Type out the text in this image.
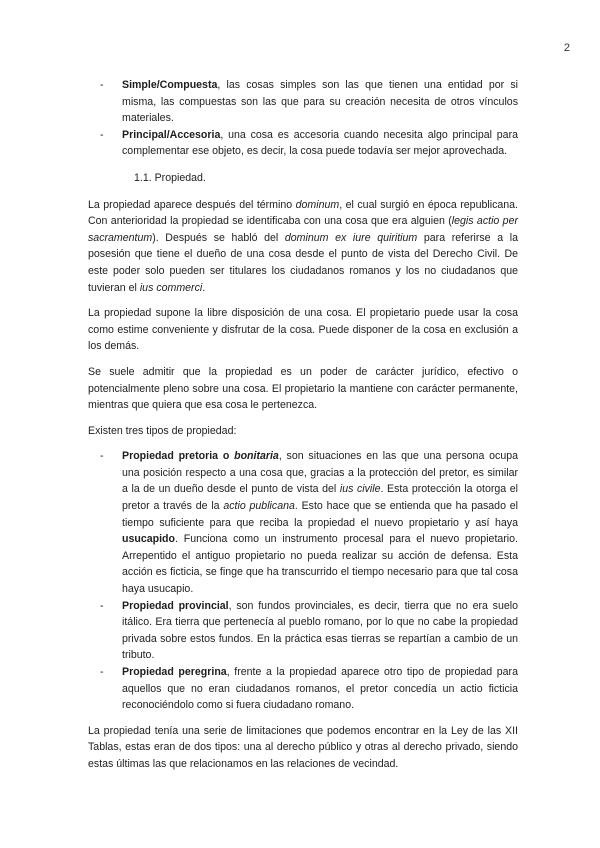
2
- Simple/Compuesta, las cosas simples son las que tienen una entidad por si misma, las compuestas son las que para su creación necesita de otros vínculos materiales.
- Principal/Accesoria, una cosa es accesoria cuando necesita algo principal para complementar ese objeto, es decir, la cosa puede todavía ser mejor aprovechada.
1.1. Propiedad.

La propiedad aparece después del término dominum, el cual surgió en época republicana. Con anterioridad la propiedad se identificaba con una cosa que era alguien (legis actio per sacramentum). Después se habló del dominum ex iure quiritium para referirse a la posesión que tiene el dueño de una cosa desde el punto de vista del Derecho Civil. De este poder solo pueden ser titulares los ciudadanos romanos y los no ciudadanos que tuvieran el ius commerci.

La propiedad supone la libre disposición de una cosa. El propietario puede usar la cosa como estime conveniente y disfrutar de la cosa. Puede disponer de la cosa en exclusión a los demás.

Se suele admitir que la propiedad es un poder de carácter jurídico, efectivo o potencialmente pleno sobre una cosa. El propietario la mantiene con carácter permanente, mientras que quiera que esa cosa le pertenezca.

Existen tres tipos de propiedad:

- Propiedad pretoria o bonitaria, son situaciones en las que una persona ocupa una posición respecto a una cosa que, gracias a la protección del pretor, es similar a la de un dueño desde el punto de vista del ius civile. Esta protección la otorga el pretor a través de la actio publicana. Esto hace que se entienda que ha pasado el tiempo suficiente para que reciba la propiedad el nuevo propietario y así haya usucapido. Funciona como un instrumento procesal para el nuevo propietario. Arrepentido el antiguo propietario no pueda realizar su acción de defensa. Esta acción es ficticia, se finge que ha transcurrido el tiempo necesario para que tal cosa haya usucapio.
- Propiedad provincial, son fundos provinciales, es decir, tierra que no era suelo itálico. Era tierra que pertenecía al pueblo romano, por lo que no cabe la propiedad privada sobre estos fundos. En la práctica esas tierras se repartían a cambio de un tributo.
- Propiedad peregrina, frente a la propiedad aparece otro tipo de propiedad para aquellos que no eran ciudadanos romanos, el pretor concedía un actio ficticia reconociéndolo como si fuera ciudadano romano.

La propiedad tenía una serie de limitaciones que podemos encontrar en la Ley de las XII Tablas, estas eran de dos tipos: una al derecho público y otras al derecho privado, siendo estas últimas las que relacionamos en las relaciones de vecindad.
